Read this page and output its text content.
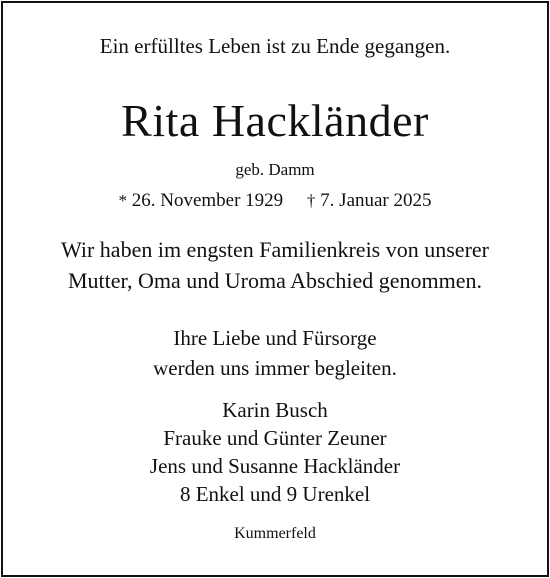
Ein erfülltes Leben ist zu Ende gegangen.
Rita Hackländer
geb. Damm
* 26. November 1929 † 7. Januar 2025
Wir haben im engsten Familienkreis von unserer
Mutter, Oma und Uroma Abschied genommen.
Ihre Liebe und Fürsorge
werden uns immer begleiten.
Karin Busch
Frauke und Günter Zeuner
Jens und Susanne Hackländer
8 Enkel und 9 Urenkel
Kummerfeld
